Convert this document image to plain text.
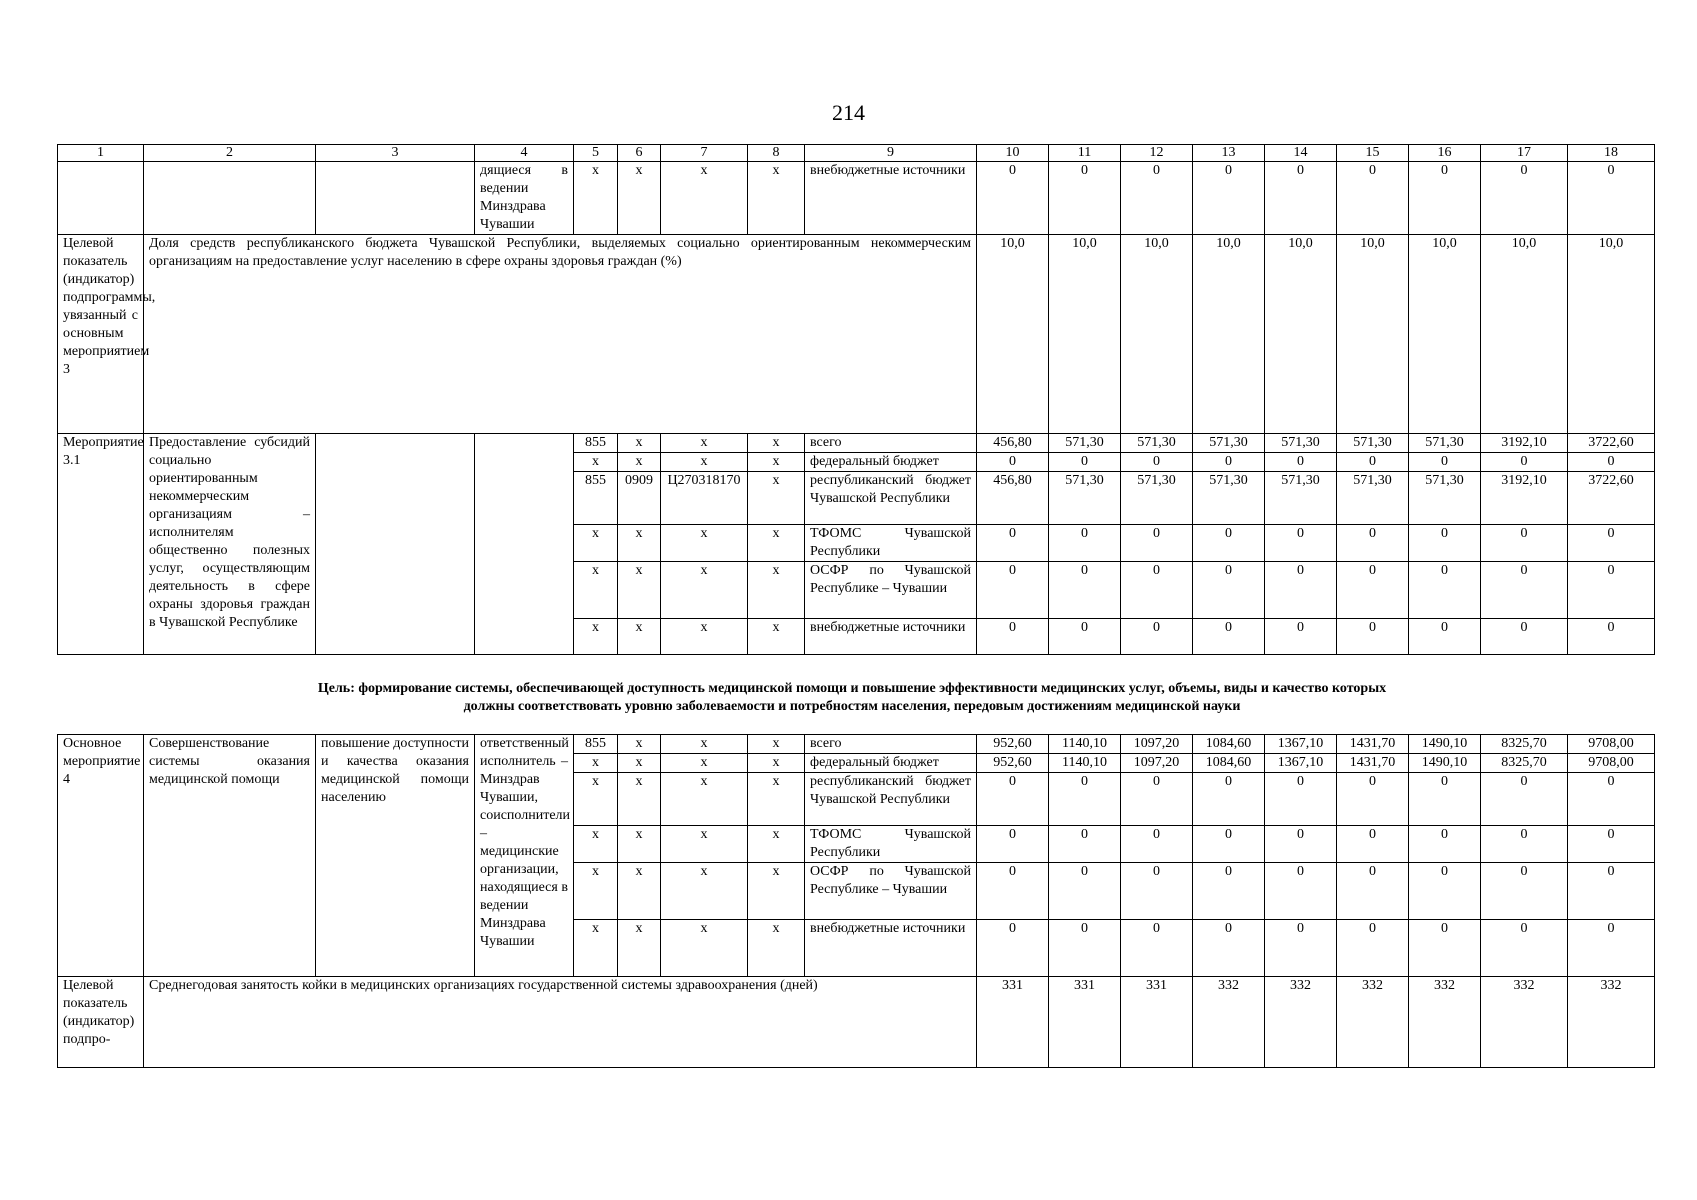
214
1	2	3	4	5	6	7	8	9	10	11	12	13	14	15	16	17	18
			дящиеся в ведении Минздрава Чувашии	x	x	x	x	внебюджетные источники	0	0	0	0	0	0	0	0	0
Целевой показатель (индикатор) подпрограммы, увязанный с основным мероприятием 3	Доля средств республиканского бюджета Чувашской Республики, выделяемых социально ориентированным некоммерческим организациям на предоставление услуг населению в сфере охраны здоровья граждан (%)								10,0	10,0	10,0	10,0	10,0	10,0	10,0	10,0	10,0
Мероприятие 3.1	Предоставление субсидий социально ориентированным некоммерческим организациям – исполнителям общественно полезных услуг, осуществляющим деятельность в сфере охраны здоровья граждан в Чувашской Республике			855	x	x	x	всего	456,80	571,30	571,30	571,30	571,30	571,30	571,30	3192,10	3722,60
				x	x	x	x	федеральный бюджет	0	0	0	0	0	0	0	0	0
				855	0909	Ц270318170	x	республиканский бюджет Чувашской Республики	456,80	571,30	571,30	571,30	571,30	571,30	571,30	3192,10	3722,60
				x	x	x	x	ТФОМС Чувашской Республики	0	0	0	0	0	0	0	0	0
				x	x	x	x	ОСФР по Чувашской Республике – Чувашии	0	0	0	0	0	0	0	0	0
				x	x	x	x	внебюджетные источники	0	0	0	0	0	0	0	0	0
Цель: формирование системы, обеспечивающей доступность медицинской помощи и повышение эффективности медицинских услуг, объемы, виды и качество которых
должны соответствовать уровню заболеваемости и потребностям населения, передовым достижениям медицинской науки
Основное мероприятие 4	Совершенствование системы оказания медицинской помощи	повышение доступности и качества оказания медицинской помощи населению	ответственный исполнитель – Минздрав Чувашии, соисполнители – медицинские организации, находящиеся в ведении Минздрава Чувашии	855	x	x	x	всего	952,60	1140,10	1097,20	1084,60	1367,10	1431,70	1490,10	8325,70	9708,00
				x	x	x	x	федеральный бюджет	952,60	1140,10	1097,20	1084,60	1367,10	1431,70	1490,10	8325,70	9708,00
				x	x	x	x	республиканский бюджет Чувашской Республики	0	0	0	0	0	0	0	0	0
				x	x	x	x	ТФОМС Чувашской Республики	0	0	0	0	0	0	0	0	0
				x	x	x	x	ОСФР по Чувашской Республике – Чувашии	0	0	0	0	0	0	0	0	0
				x	x	x	x	внебюджетные источники	0	0	0	0	0	0	0	0	0
Целевой показатель (индикатор) подпро-	Среднегодовая занятость койки в медицинских организациях государственной системы здравоохранения (дней)								331	331	331	332	332	332	332	332	332
